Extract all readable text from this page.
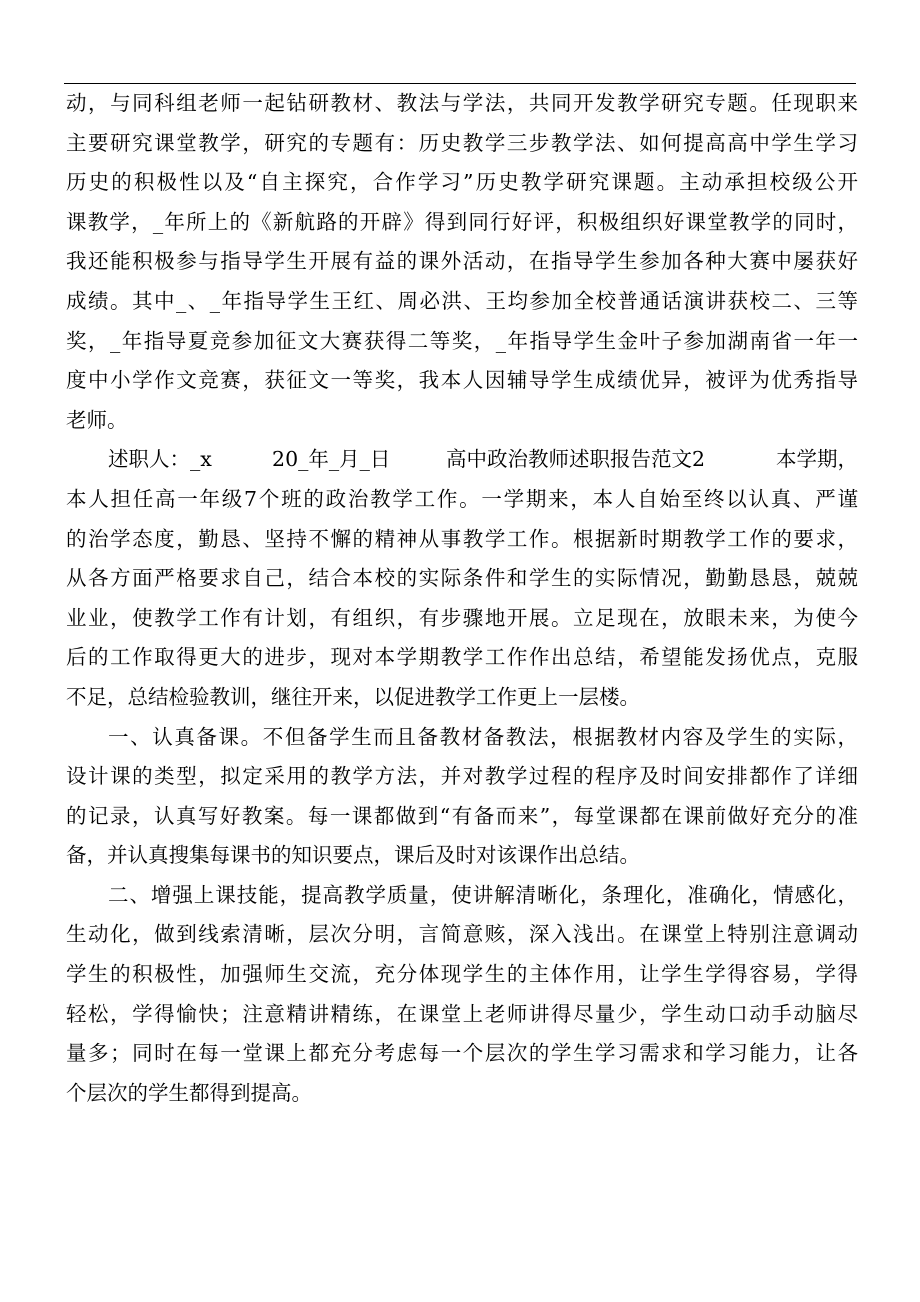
动，与同科组老师一起钻研教材、教法与学法，共同开发教学研究专题。任现职来
主要研究课堂教学，研究的专题有：历史教学三步教学法、如何提高高中学生学习
历史的积极性以及“自主探究，合作学习”历史教学研究课题。主动承担校级公开
课教学，_年所上的《新航路的开辟》得到同行好评，积极组织好课堂教学的同时，
我还能积极参与指导学生开展有益的课外活动，在指导学生参加各种大赛中屡获好
成绩。其中_、_年指导学生王红、周必洪、王均参加全校普通话演讲获校二、三等
奖，_年指导夏竞参加征文大赛获得二等奖，_年指导学生金叶子参加湖南省一年一
度中小学作文竞赛，获征文一等奖，我本人因辅导学生成绩优异，被评为优秀指导
老师。
述职人：_x	20_年_月_日	高中政治教师述职报告范文2	本学期，
本人担任高一年级7个班的政治教学工作。一学期来，本人自始至终以认真、严谨
的治学态度，勤恳、坚持不懈的精神从事教学工作。根据新时期教学工作的要求，
从各方面严格要求自己，结合本校的实际条件和学生的实际情况，勤勤恳恳，兢兢
业业，使教学工作有计划，有组织，有步骤地开展。立足现在，放眼未来，为使今
后的工作取得更大的进步，现对本学期教学工作作出总结，希望能发扬优点，克服
不足，总结检验教训，继往开来，以促进教学工作更上一层楼。
一、认真备课。不但备学生而且备教材备教法，根据教材内容及学生的实际，
设计课的类型，拟定采用的教学方法，并对教学过程的程序及时间安排都作了详细
的记录，认真写好教案。每一课都做到“有备而来”，每堂课都在课前做好充分的准
备，并认真搜集每课书的知识要点，课后及时对该课作出总结。
二、增强上课技能，提高教学质量，使讲解清晰化，条理化，准确化，情感化，
生动化，做到线索清晰，层次分明，言简意赅，深入浅出。在课堂上特别注意调动
学生的积极性，加强师生交流，充分体现学生的主体作用，让学生学得容易，学得
轻松，学得愉快；注意精讲精练，在课堂上老师讲得尽量少，学生动口动手动脑尽
量多；同时在每一堂课上都充分考虑每一个层次的学生学习需求和学习能力，让各
个层次的学生都得到提高。
